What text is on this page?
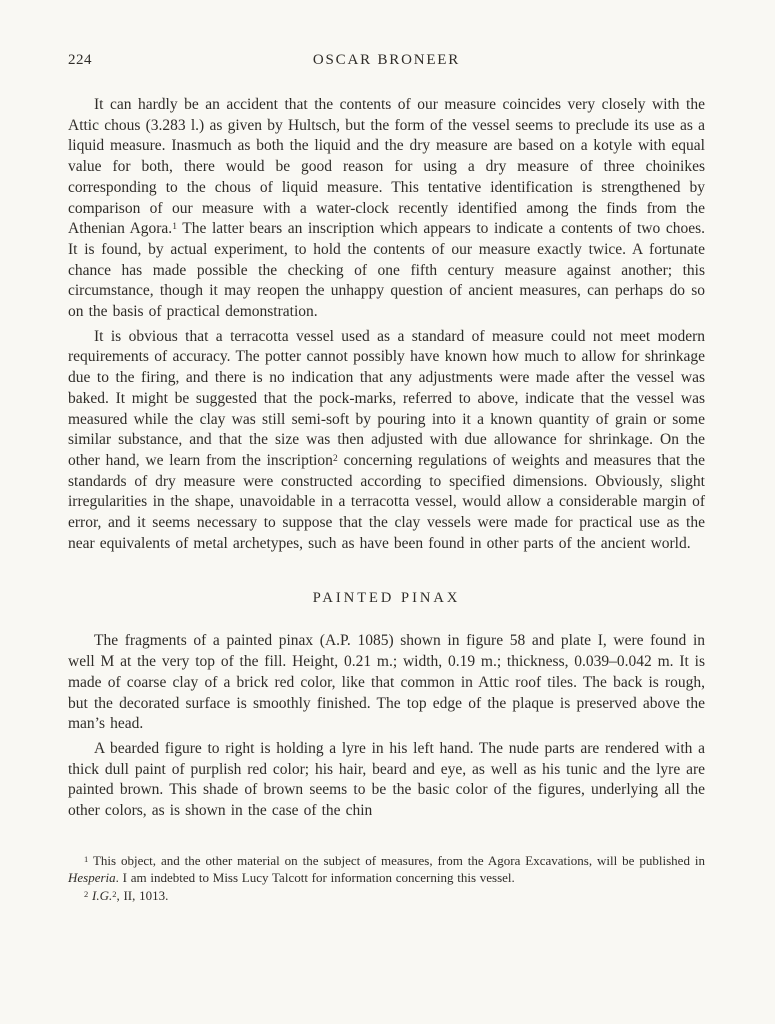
224	OSCAR BRONEER

It can hardly be an accident that the contents of our measure coincides very closely with the Attic chous (3.283 l.) as given by Hultsch, but the form of the vessel seems to preclude its use as a liquid measure. Inasmuch as both the liquid and the dry measure are based on a kotyle with equal value for both, there would be good reason for using a dry measure of three choinikes corresponding to the chous of liquid measure. This tentative identification is strengthened by comparison of our measure with a water-clock recently identified among the finds from the Athenian Agora.$^1$ The latter bears an inscription which appears to indicate a contents of two choes. It is found, by actual experiment, to hold the contents of our measure exactly twice. A fortunate chance has made possible the checking of one fifth century measure against another; this circumstance, though it may reopen the unhappy question of ancient measures, can perhaps do so on the basis of practical demonstration.

It is obvious that a terracotta vessel used as a standard of measure could not meet modern requirements of accuracy. The potter cannot possibly have known how much to allow for shrinkage due to the firing, and there is no indication that any adjustments were made after the vessel was baked. It might be suggested that the pock-marks, referred to above, indicate that the vessel was measured while the clay was still semi-soft by pouring into it a known quantity of grain or some similar substance, and that the size was then adjusted with due allowance for shrinkage. On the other hand, we learn from the inscription$^2$ concerning regulations of weights and measures that the standards of dry measure were constructed according to specified dimensions. Obviously, slight irregularities in the shape, unavoidable in a terracotta vessel, would allow a considerable margin of error, and it seems necessary to suppose that the clay vessels were made for practical use as the near equivalents of metal archetypes, such as have been found in other parts of the ancient world.

PAINTED PINAX

The fragments of a painted pinax (A.P. 1085) shown in figure 58 and plate I, were found in well M at the very top of the fill. Height, 0.21 m.; width, 0.19 m.; thickness, 0.039–0.042 m. It is made of coarse clay of a brick red color, like that common in Attic roof tiles. The back is rough, but the decorated surface is smoothly finished. The top edge of the plaque is preserved above the man’s head.

A bearded figure to right is holding a lyre in his left hand. The nude parts are rendered with a thick dull paint of purplish red color; his hair, beard and eye, as well as his tunic and the lyre are painted brown. This shade of brown seems to be the basic color of the figures, underlying all the other colors, as is shown in the case of the chin

$^1$ This object, and the other material on the subject of measures, from the Agora Excavations, will be published in Hesperia. I am indebted to Miss Lucy Talcott for information concerning this vessel.

$^2$ I.G.$^2$, II, 1013.
